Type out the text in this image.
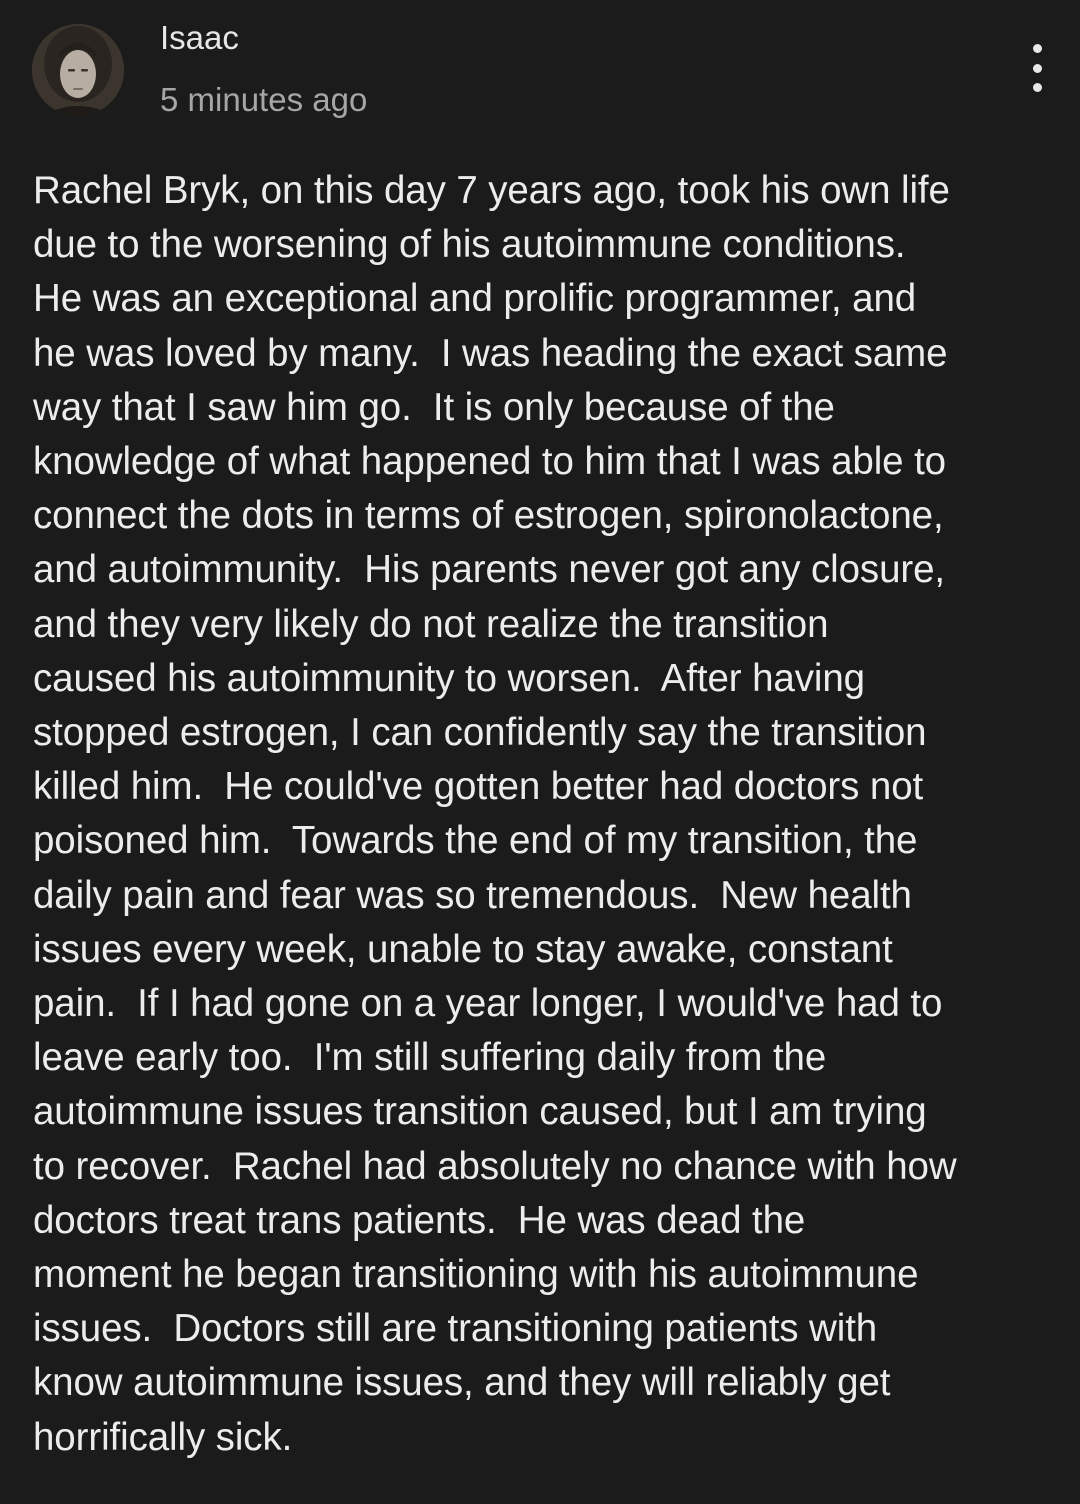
Isaac
5 minutes ago

Rachel Bryk, on this day 7 years ago, took his own life
due to the worsening of his autoimmune conditions.
He was an exceptional and prolific programmer, and
he was loved by many.  I was heading the exact same
way that I saw him go.  It is only because of the
knowledge of what happened to him that I was able to
connect the dots in terms of estrogen, spironolactone,
and autoimmunity.  His parents never got any closure,
and they very likely do not realize the transition
caused his autoimmunity to worsen.  After having
stopped estrogen, I can confidently say the transition
killed him.  He could've gotten better had doctors not
poisoned him.  Towards the end of my transition, the
daily pain and fear was so tremendous.  New health
issues every week, unable to stay awake, constant
pain.  If I had gone on a year longer, I would've had to
leave early too.  I'm still suffering daily from the
autoimmune issues transition caused, but I am trying
to recover.  Rachel had absolutely no chance with how
doctors treat trans patients.  He was dead the
moment he began transitioning with his autoimmune
issues.  Doctors still are transitioning patients with
know autoimmune issues, and they will reliably get
horrifically sick.
